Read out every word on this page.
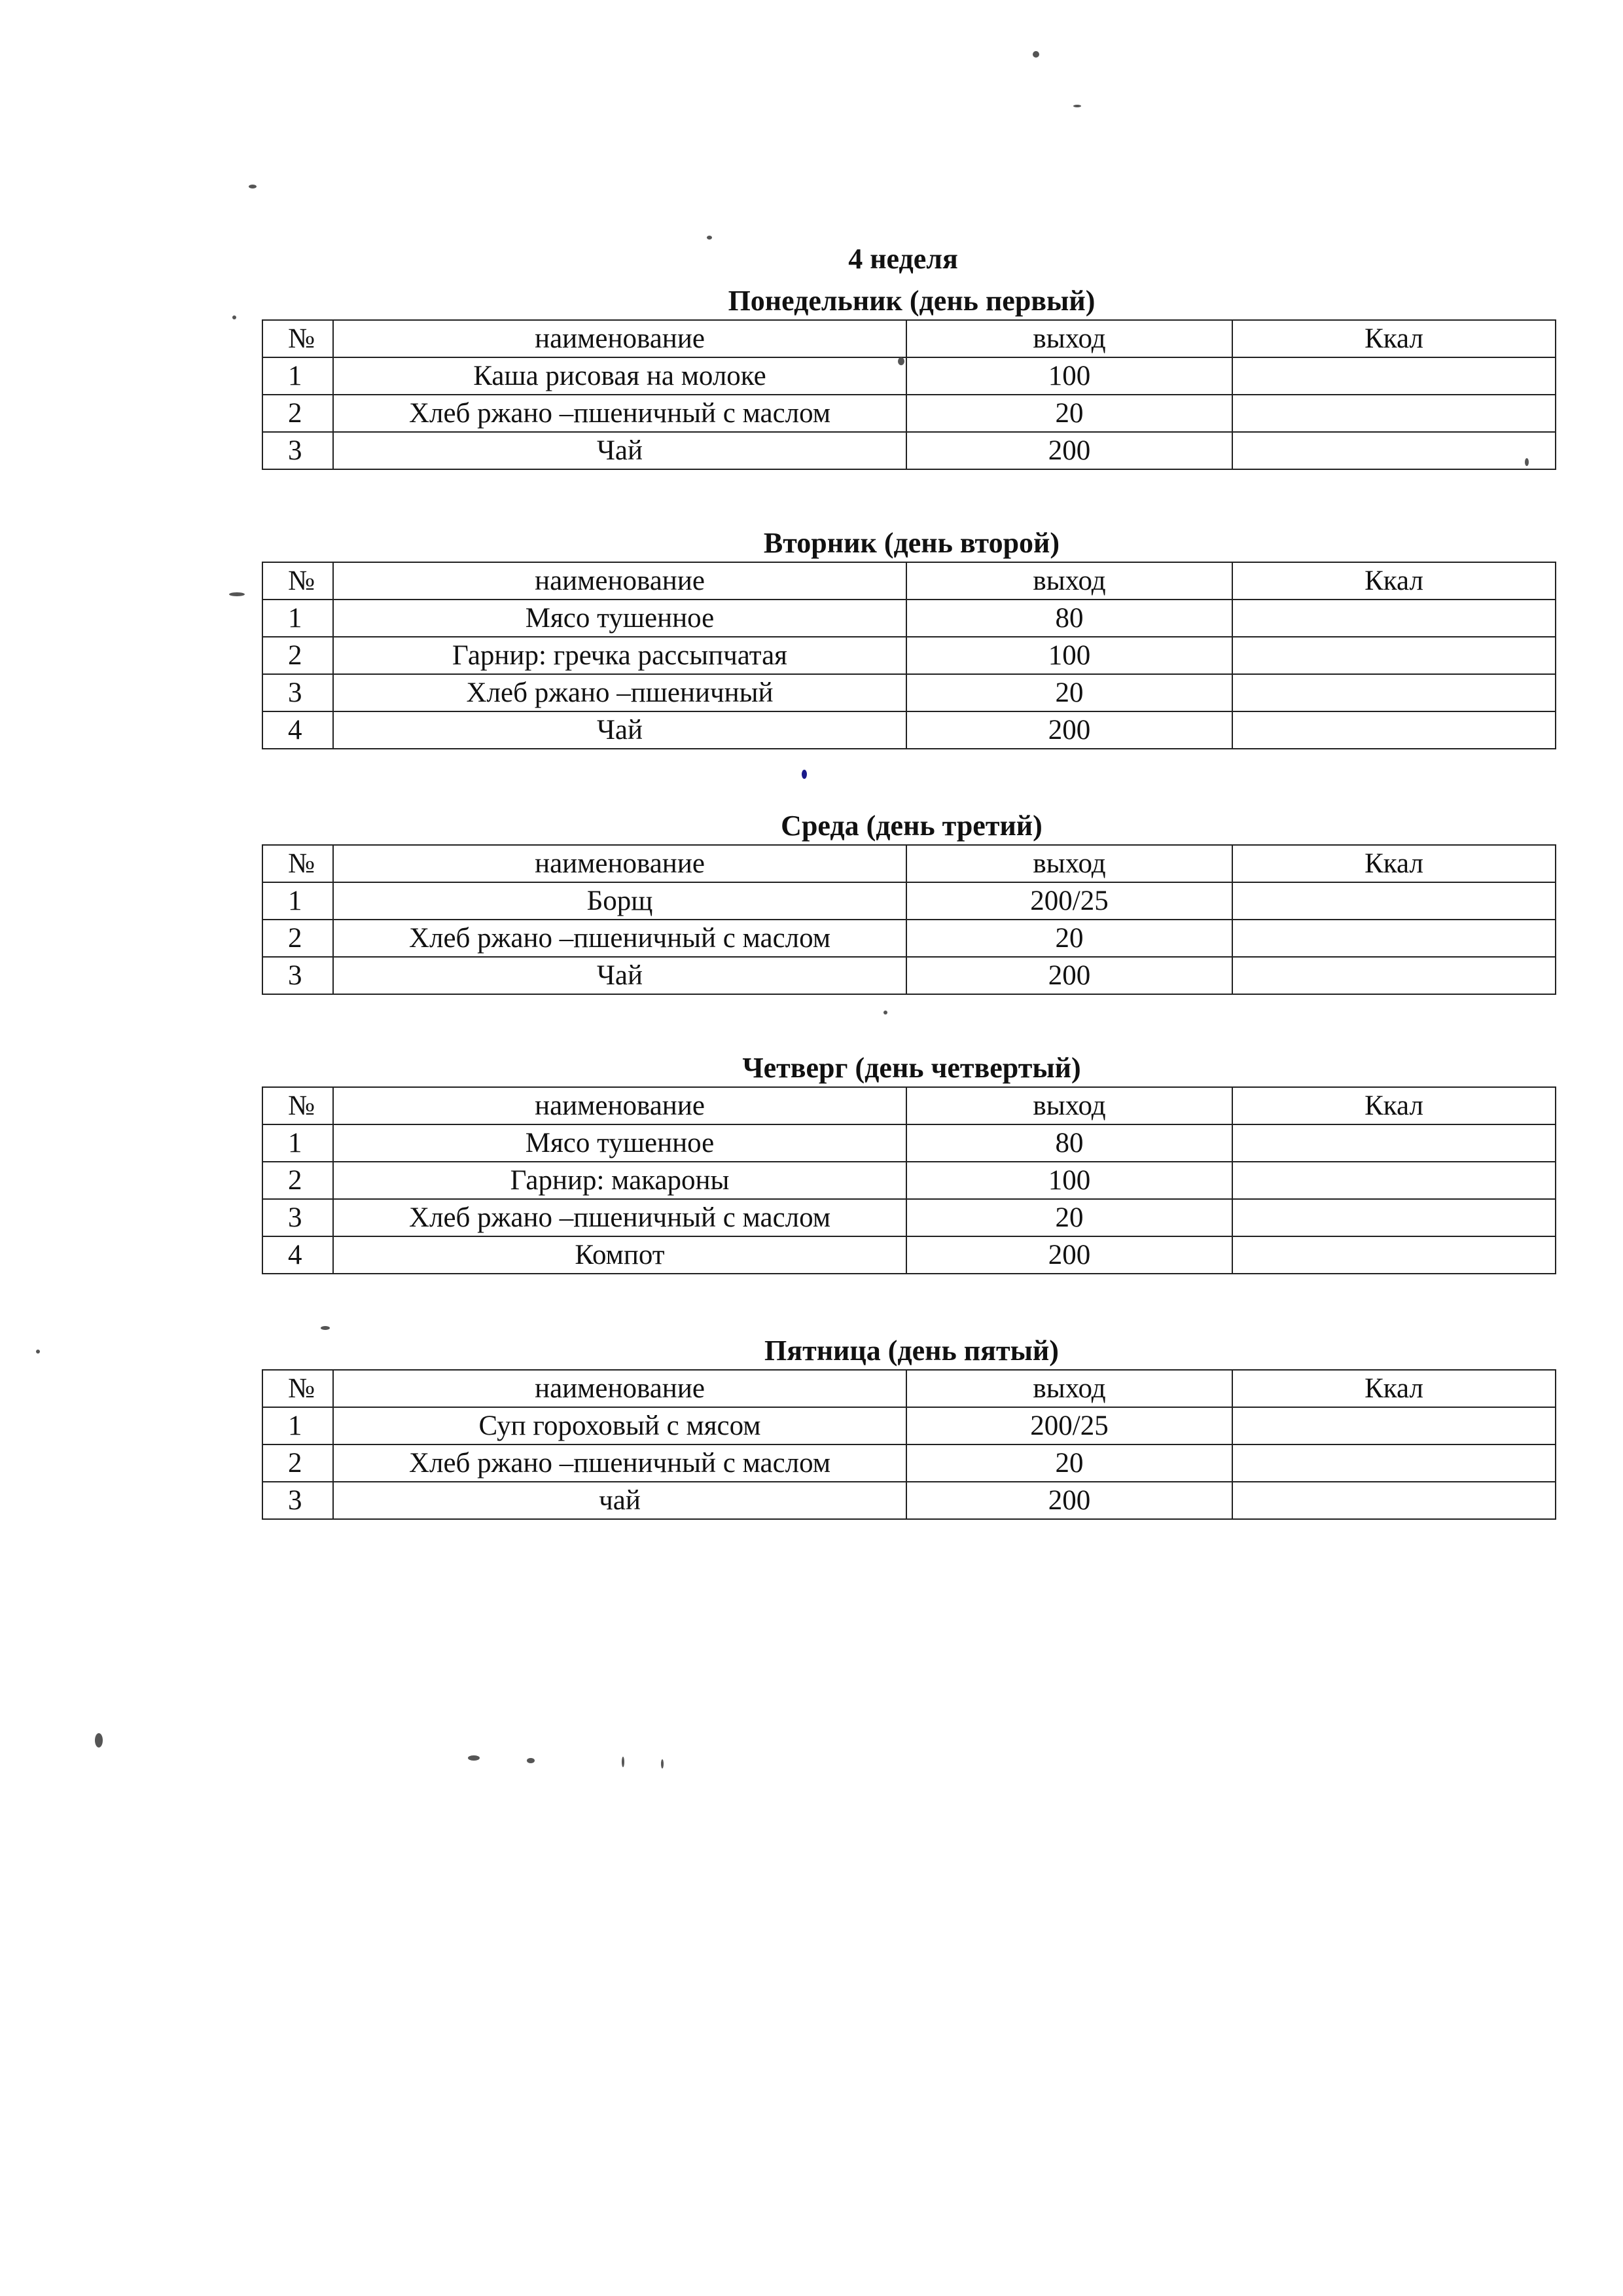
4 неделя
Понедельник (день первый)
№	наименование	выход	Ккал
1	Каша рисовая на молоке	100	
2	Хлеб ржано –пшеничный с маслом	20	
3	Чай	200	
Вторник (день второй)
№	наименование	выход	Ккал
1	Мясо тушенное	80	
2	Гарнир: гречка рассыпчатая	100	
3	Хлеб ржано –пшеничный	20	
4	Чай	200	
Среда (день третий)
№	наименование	выход	Ккал
1	Борщ	200/25	
2	Хлеб ржано –пшеничный с маслом	20	
3	Чай	200	
Четверг (день четвертый)
№	наименование	выход	Ккал
1	Мясо тушенное	80	
2	Гарнир: макароны	100	
3	Хлеб ржано –пшеничный с маслом	20	
4	Компот	200	
Пятница (день пятый)
№	наименование	выход	Ккал
1	Суп гороховый с мясом	200/25	
2	Хлеб ржано –пшеничный с маслом	20	
3	чай	200	
